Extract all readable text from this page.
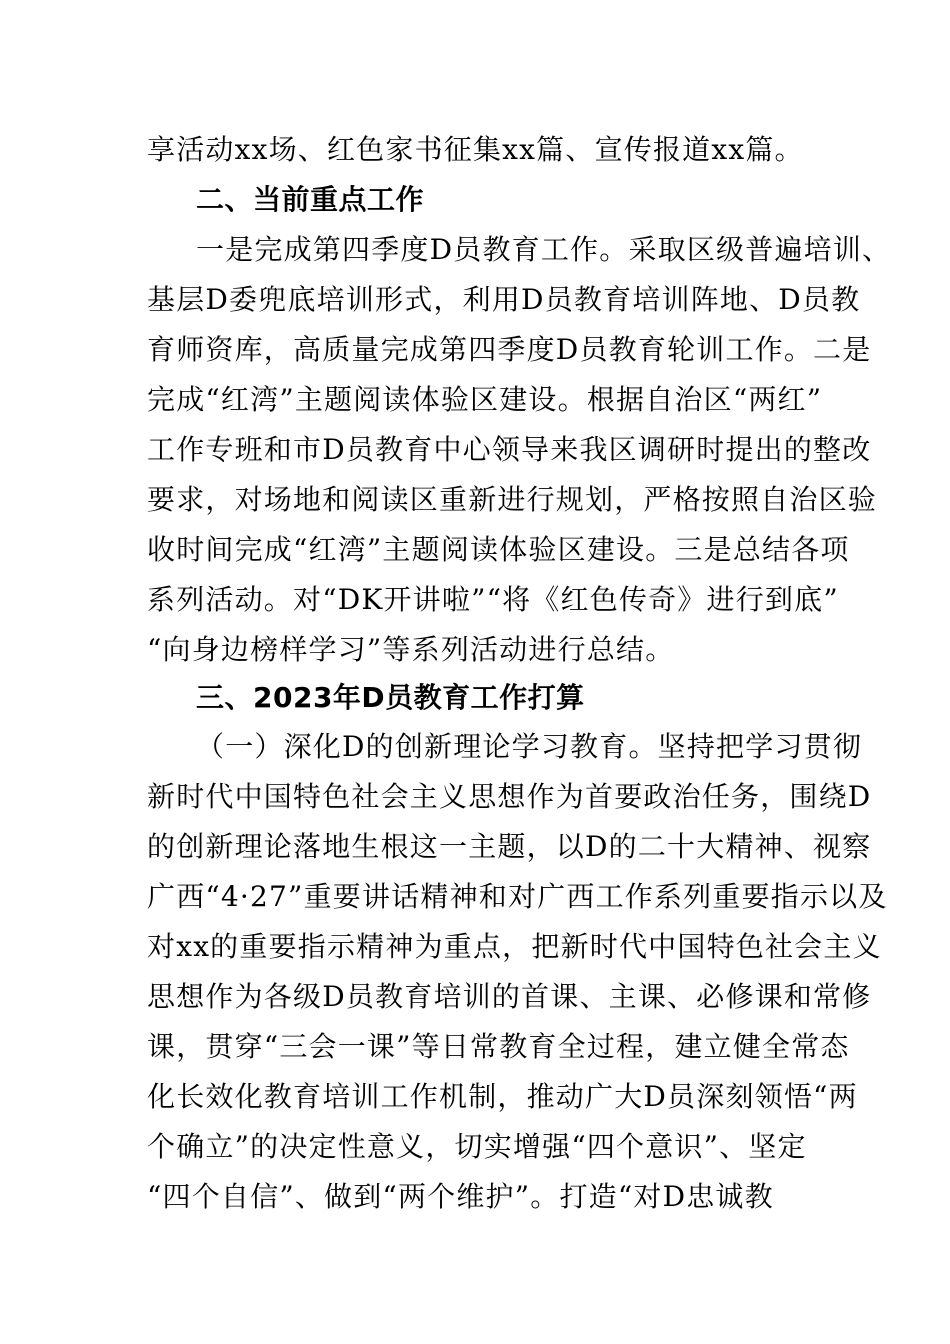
享活动xx场、红色家书征集xx篇、宣传报道xx篇。
二、当前重点工作
一是完成第四季度D员教育工作。采取区级普遍培训、
基层D委兜底培训形式，利用D员教育培训阵地、D员教
育师资库，高质量完成第四季度D员教育轮训工作。二是
完成“红湾”主题阅读体验区建设。根据自治区“两红”
工作专班和市D员教育中心领导来我区调研时提出的整改
要求，对场地和阅读区重新进行规划，严格按照自治区验
收时间完成“红湾”主题阅读体验区建设。三是总结各项
系列活动。对“DK开讲啦”“将《红色传奇》进行到底”
“向身边榜样学习”等系列活动进行总结。
三、2023年D员教育工作打算
（一）深化D的创新理论学习教育。坚持把学习贯彻
新时代中国特色社会主义思想作为首要政治任务，围绕D
的创新理论落地生根这一主题，以D的二十大精神、视察
广西“4·27”重要讲话精神和对广西工作系列重要指示以及
对xx的重要指示精神为重点，把新时代中国特色社会主义
思想作为各级D员教育培训的首课、主课、必修课和常修
课，贯穿“三会一课”等日常教育全过程，建立健全常态
化长效化教育培训工作机制，推动广大D员深刻领悟“两
个确立”的决定性意义，切实增强“四个意识”、坚定
“四个自信”、做到“两个维护”。打造“对D忠诚教
